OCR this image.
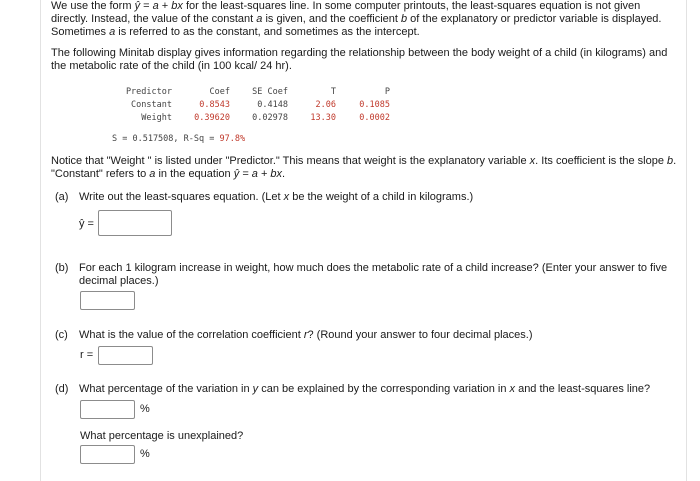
We use the form ŷ = a + bx for the least-squares line. In some computer printouts, the least-squares equation is not given
directly. Instead, the value of the constant a is given, and the coefficient b of the explanatory or predictor variable is displayed.
Sometimes a is referred to as the constant, and sometimes as the intercept.

The following Minitab display gives information regarding the relationship between the body weight of a child (in kilograms) and
the metabolic rate of the child (in 100 kcal/ 24 hr).

Predictor	Coef	SE Coef	T	P
Constant	0.8543	0.4148	2.06	0.1085
Weight	0.39620	0.02978	13.30	0.0002
S = 0.517508, R-Sq = 97.8%

Notice that "Weight " is listed under "Predictor." This means that weight is the explanatory variable x. Its coefficient is the slope b.
"Constant" refers to a in the equation ŷ = a + bx.

(a) Write out the least-squares equation. (Let x be the weight of a child in kilograms.)
ŷ =
(b) For each 1 kilogram increase in weight, how much does the metabolic rate of a child increase? (Enter your answer to five
decimal places.)
(c) What is the value of the correlation coefficient r? (Round your answer to four decimal places.)
r =
(d) What percentage of the variation in y can be explained by the corresponding variation in x and the least-squares line?
%
What percentage is unexplained?
%
